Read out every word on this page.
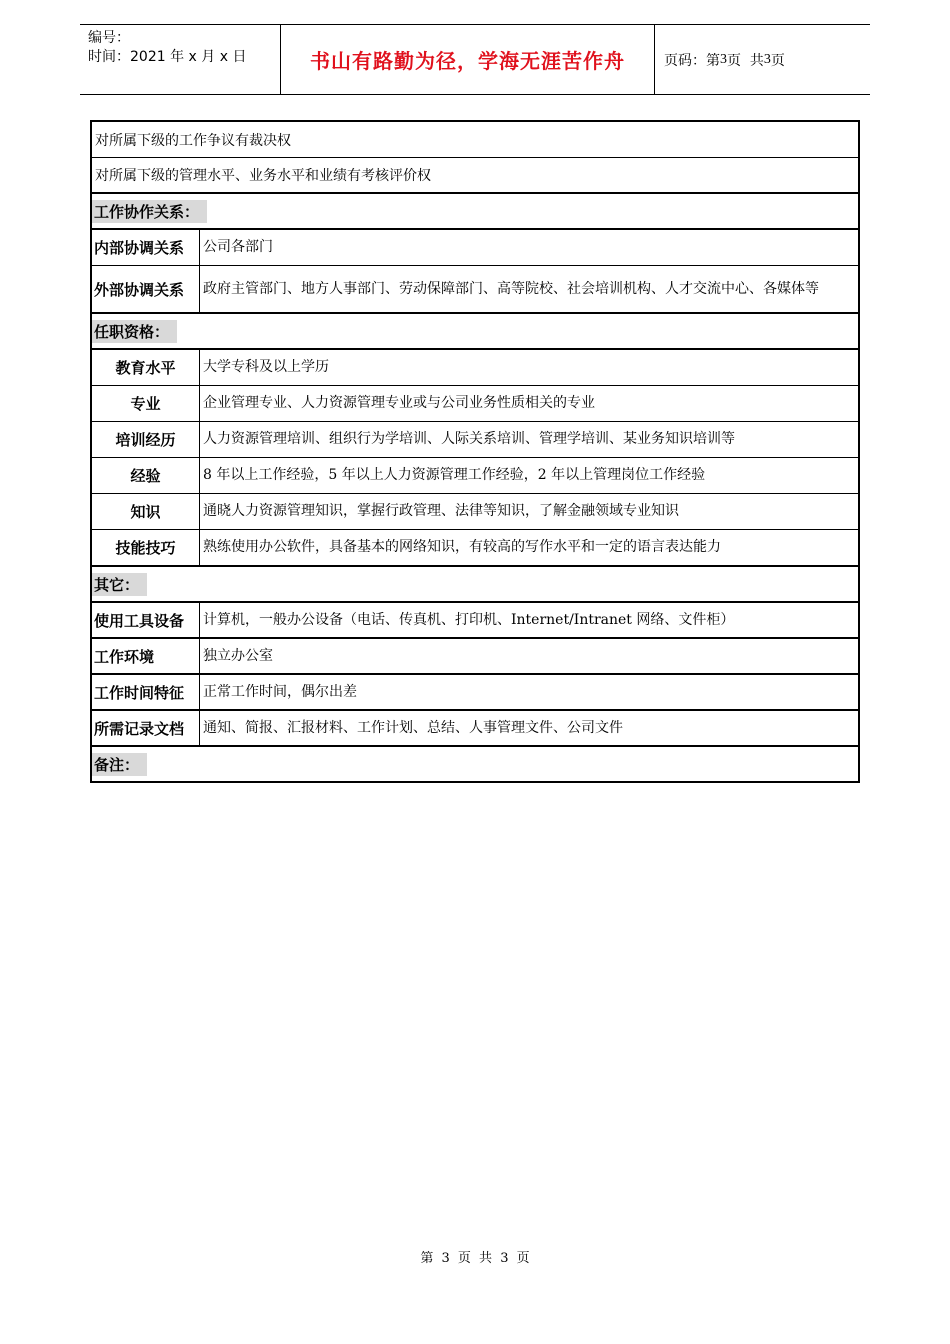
编号：
时间：2021 年 x 月 x 日	书山有路勤为径，学海无涯苦作舟	页码：第 3 页  共 3 页
对所属下级的工作争议有裁决权
对所属下级的管理水平、业务水平和业绩有考核评价权
工作协作关系：
内部协调关系	公司各部门
外部协调关系	政府主管部门、地方人事部门、劳动保障部门、高等院校、社会培训机构、人才交流中心、各媒体等
任职资格：
教育水平	大学专科及以上学历
专业	企业管理专业、人力资源管理专业或与公司业务性质相关的专业
培训经历	人力资源管理培训、组织行为学培训、人际关系培训、管理学培训、某业务知识培训等
经验	8 年以上工作经验，5 年以上人力资源管理工作经验，2 年以上管理岗位工作经验
知识	通晓人力资源管理知识，掌握行政管理、法律等知识，了解金融领域专业知识
技能技巧	熟练使用办公软件，具备基本的网络知识，有较高的写作水平和一定的语言表达能力
其它：
使用工具设备	计算机，一般办公设备（电话、传真机、打印机、Internet/Intranet 网络、文件柜）
工作环境	独立办公室
工作时间特征	正常工作时间，偶尔出差
所需记录文档	通知、简报、汇报材料、工作计划、总结、人事管理文件、公司文件
备注：
第 3 页 共 3 页
